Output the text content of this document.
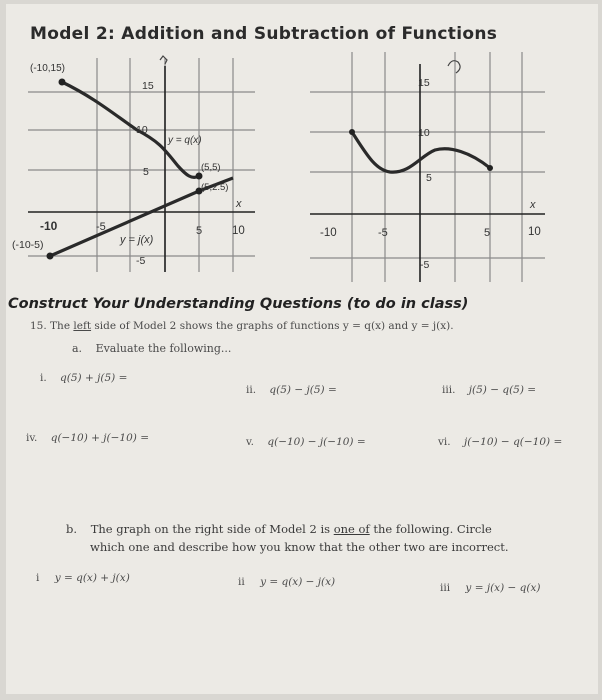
Model 2: Addition and Subtraction of Functions
(-10,15)
(-10-5)
(5,5)
(5,2.5)
y = q(x)
y = j(x)
x
15
10
5
-5
-10	-5	5	10
15
10
5
-5
-10	-5	5	10
x
Construct Your Understanding Questions (to do in class)
15. The left side of Model 2 shows the graphs of functions y = q(x) and y = j(x).
a. Evaluate the following...
i. q(5) + j(5) =
ii. q(5) − j(5) =	iii. j(5) − q(5) =
iv. q(−10) + j(−10) =	v. q(−10) − j(−10) =	vi. j(−10) − q(−10) =
b. The graph on the right side of Model 2 is one of the following. Circle
which one and describe how you know that the other two are incorrect.
i y = q(x) + j(x)	ii y = q(x) − j(x)	iii y = j(x) − q(x)
